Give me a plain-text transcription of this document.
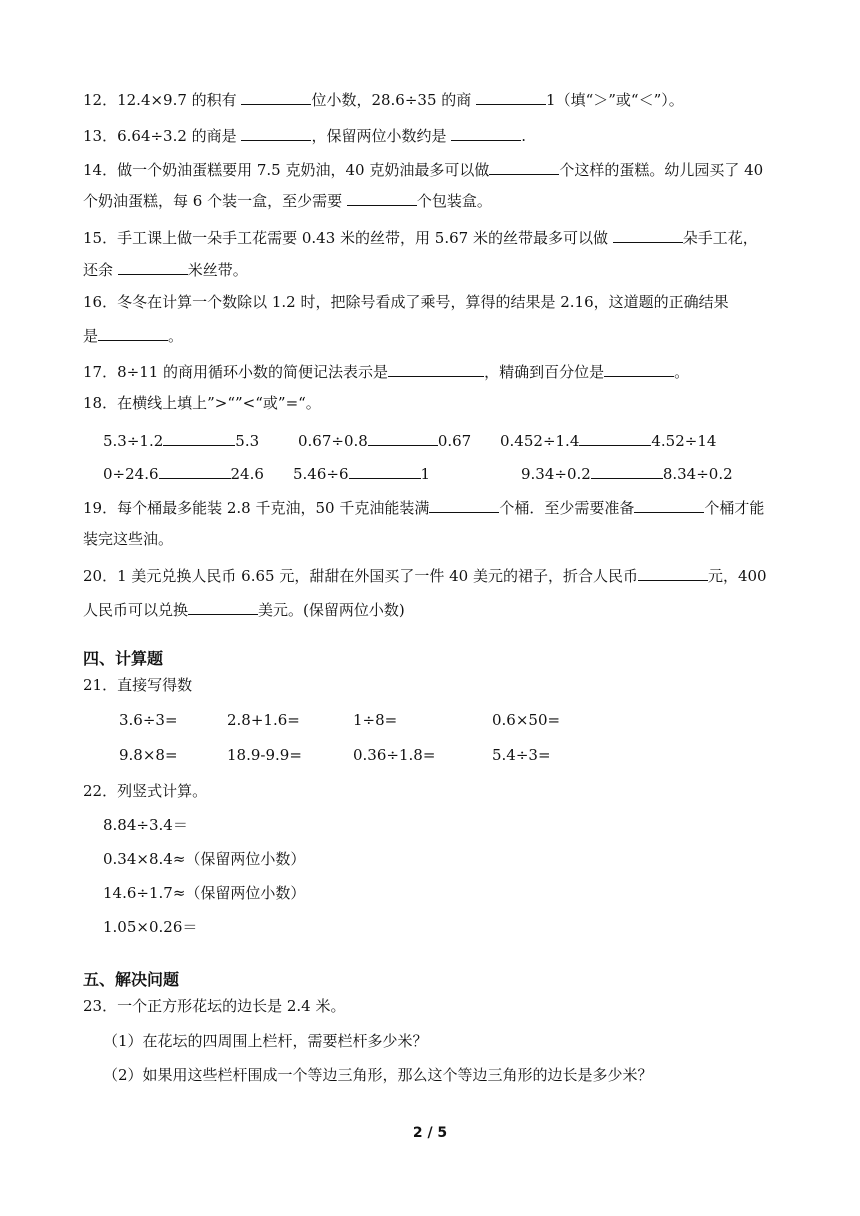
12．12.4×9.7 的积有	位小数，28.6÷35 的商	1（填“＞”或“＜”）。
13．6.64÷3.2 的商是	，保留两位小数约是	.
14．做一个奶油蛋糕要用 7.5 克奶油，40 克奶油最多可以做	个这样的蛋糕。幼儿园买了 40
个奶油蛋糕，每 6 个装一盒，至少需要	个包装盒。
15．手工课上做一朵手工花需要 0.43 米的丝带，用 5.67 米的丝带最多可以做	朵手工花，
还余	米丝带。
16．冬冬在计算一个数除以 1.2 时，把除号看成了乘号，算得的结果是 2.16，这道题的正确结果
是	。
17．8÷11 的商用循环小数的简便记法表示是	，精确到百分位是	。
18．在横线上填上”>“”<“或”=“。
5.3÷1.2	5.3	0.67÷0.8	0.67 0.452÷1.4	4.52÷14
0÷24.6	24.6 5.46÷6	1	9.34÷0.2	8.34÷0.2
19．每个桶最多能装 2.8 千克油，50 千克油能装满	个桶．至少需要准备	个桶才能
装完这些油。
20．1 美元兑换人民币 6.65 元，甜甜在外国买了一件 40 美元的裙子，折合人民币	元，400
人民币可以兑换	美元。(保留两位小数)
四、计算题
21．直接写得数
3.6÷3=	2.8+1.6=	1÷8=	0.6×50=
9.8×8=	18.9-9.9=	0.36÷1.8=	5.4÷3=
22．列竖式计算。
8.84÷3.4＝
0.34×8.4≈（保留两位小数）
14.6÷1.7≈（保留两位小数）
1.05×0.26＝
五、解决问题
23．一个正方形花坛的边长是 2.4 米。
（1）在花坛的四周围上栏杆，需要栏杆多少米？
（2）如果用这些栏杆围成一个等边三角形，那么这个等边三角形的边长是多少米？
2 / 5
